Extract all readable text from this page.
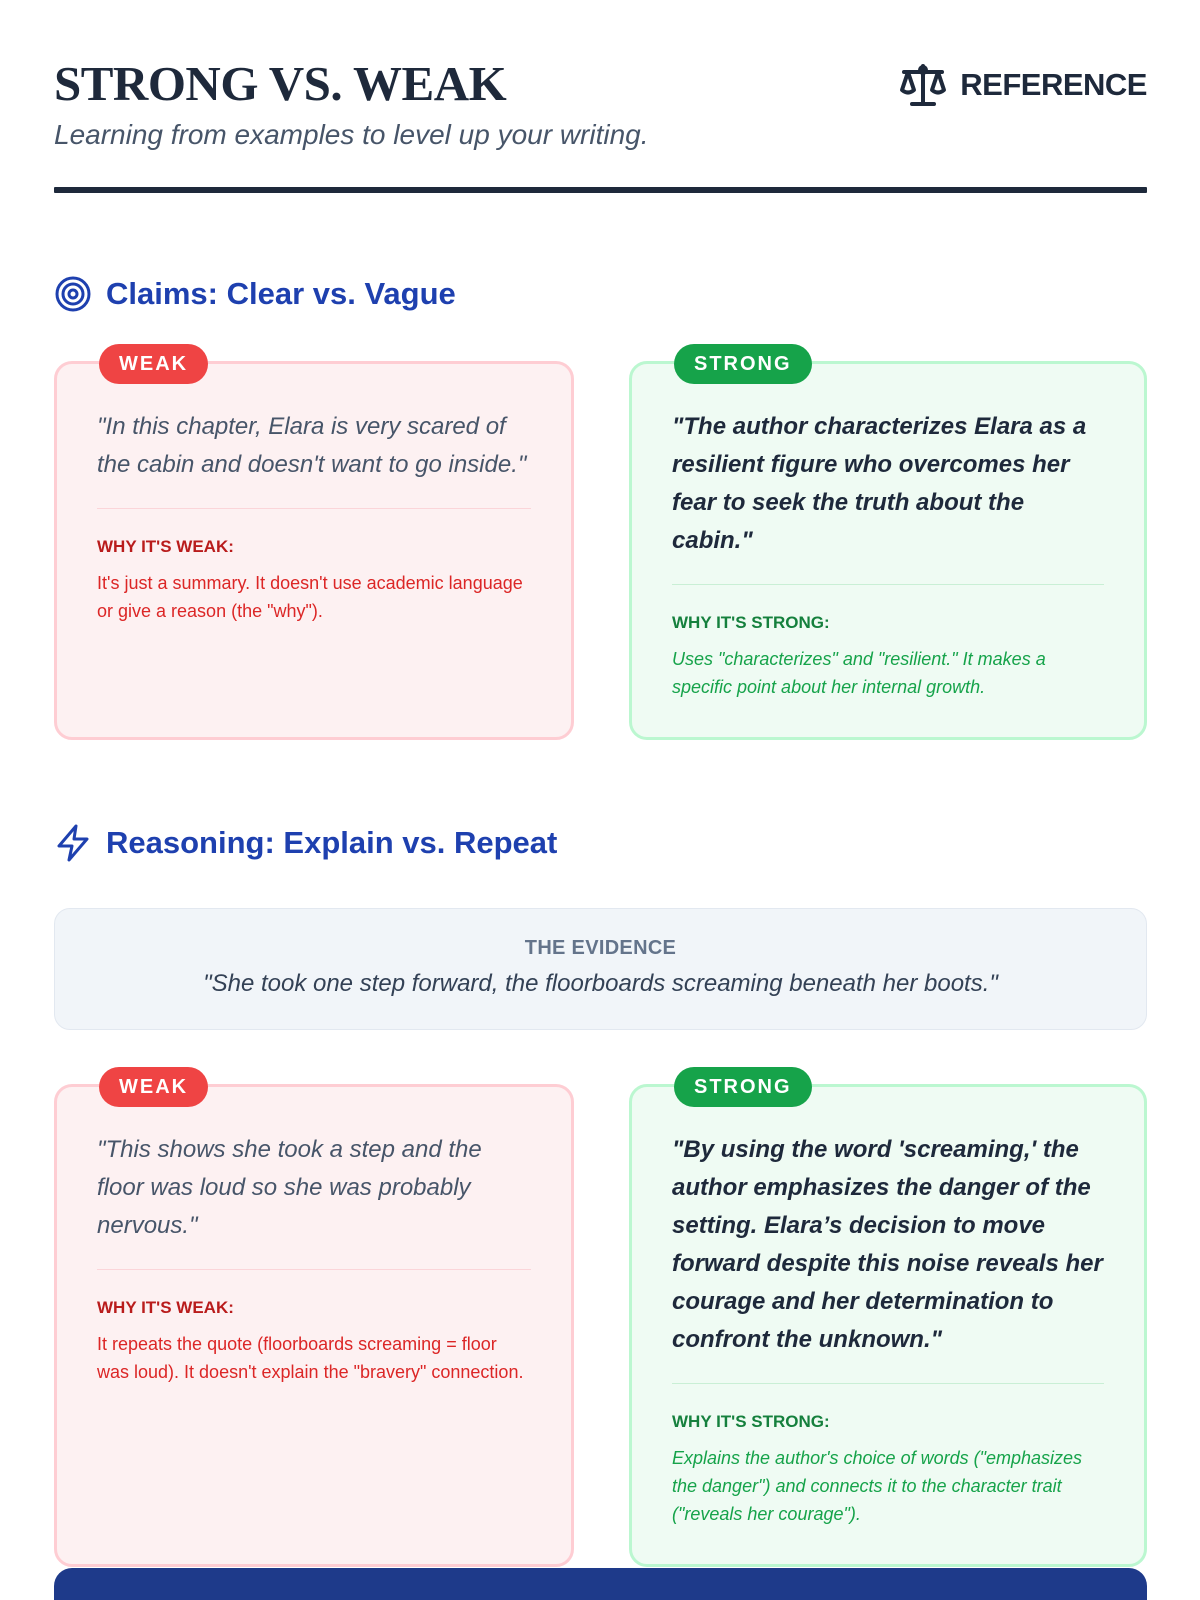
STRONG VS. WEAK
Learning from examples to level up your writing.
REFERENCE
Claims: Clear vs. Vague
WEAK
"In this chapter, Elara is very scared of the cabin and doesn't want to go inside."
WHY IT'S WEAK:
It's just a summary. It doesn't use academic language or give a reason (the "why").
STRONG
"The author characterizes Elara as a resilient figure who overcomes her fear to seek the truth about the cabin."
WHY IT'S STRONG:
Uses "characterizes" and "resilient." It makes a specific point about her internal growth.
Reasoning: Explain vs. Repeat
THE EVIDENCE
"She took one step forward, the floorboards screaming beneath her boots."
WEAK
"This shows she took a step and the floor was loud so she was probably nervous."
WHY IT'S WEAK:
It repeats the quote (floorboards screaming = floor was loud). It doesn't explain the "bravery" connection.
STRONG
"By using the word 'screaming,' the author emphasizes the danger of the setting. Elara’s decision to move forward despite this noise reveals her courage and her determination to confront the unknown."
WHY IT'S STRONG:
Explains the author's choice of words ("emphasizes the danger") and connects it to the character trait ("reveals her courage").
